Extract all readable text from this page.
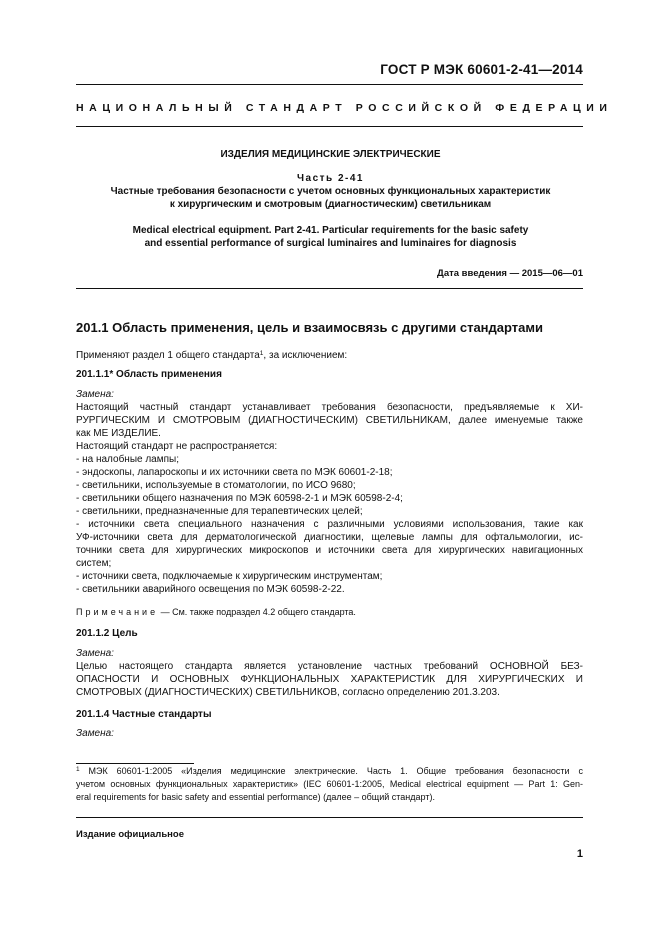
ГОСТ Р МЭК 60601-2-41—2014
НАЦИОНАЛЬНЫЙ СТАНДАРТ РОССИЙСКОЙ ФЕДЕРАЦИИ
ИЗДЕЛИЯ МЕДИЦИНСКИЕ ЭЛЕКТРИЧЕСКИЕ
Часть 2-41
Частные требования безопасности с учетом основных функциональных характеристик
к хирургическим и смотровым (диагностическим) светильникам
Medical electrical equipment. Part 2-41. Particular requirements for the basic safety
and essential performance of surgical luminaires and luminaires for diagnosis
Дата введения — 2015—06—01
201.1 Область применения, цель и взаимосвязь с другими стандартами
Применяют раздел 1 общего стандарта$^1$, за исключением:
201.1.1* Область применения
Замена:
Настоящий частный стандарт устанавливает требования безопасности, предъявляемые к ХИ-
РУРГИЧЕСКИМ И СМОТРОВЫМ (ДИАГНОСТИЧЕСКИМ) СВЕТИЛЬНИКАМ, далее именуемые также
как МЕ ИЗДЕЛИЕ.
Настоящий стандарт не распространяется:
- на налобные лампы;
- эндоскопы, лапароскопы и их источники света по МЭК 60601-2-18;
- светильники, используемые в стоматологии, по ИСО 9680;
- светильники общего назначения по МЭК 60598-2-1 и МЭК 60598-2-4;
- светильники, предназначенные для терапевтических целей;
- источники света специального назначения с различными условиями использования, такие как
УФ-источники света для дерматологической диагностики, щелевые лампы для офтальмологии, ис-
точники света для хирургических микроскопов и источники света для хирургических навигационных
систем;
- источники света, подключаемые к хирургическим инструментам;
- светильники аварийного освещения по МЭК 60598-2-22.
Примечание — См. также подраздел 4.2 общего стандарта.
201.1.2 Цель
Замена:
Целью настоящего стандарта является установление частных требований ОСНОВНОЙ БЕЗ-
ОПАСНОСТИ И ОСНОВНЫХ ФУНКЦИОНАЛЬНЫХ ХАРАКТЕРИСТИК ДЛЯ ХИРУРГИЧЕСКИХ И
СМОТРОВЫХ (ДИАГНОСТИЧЕСКИХ) СВЕТИЛЬНИКОВ, согласно определению 201.3.203.
201.1.4 Частные стандарты
Замена:
$^1$ МЭК 60601-1:2005 «Изделия медицинские электрические. Часть 1. Общие требования безопасности с
учетом основных функциональных характеристик» (IEC 60601-1:2005, Medical electrical equipment — Part 1: Gen-
eral requirements for basic safety and essential performance) (далее – общий стандарт).
Издание официальное
1
